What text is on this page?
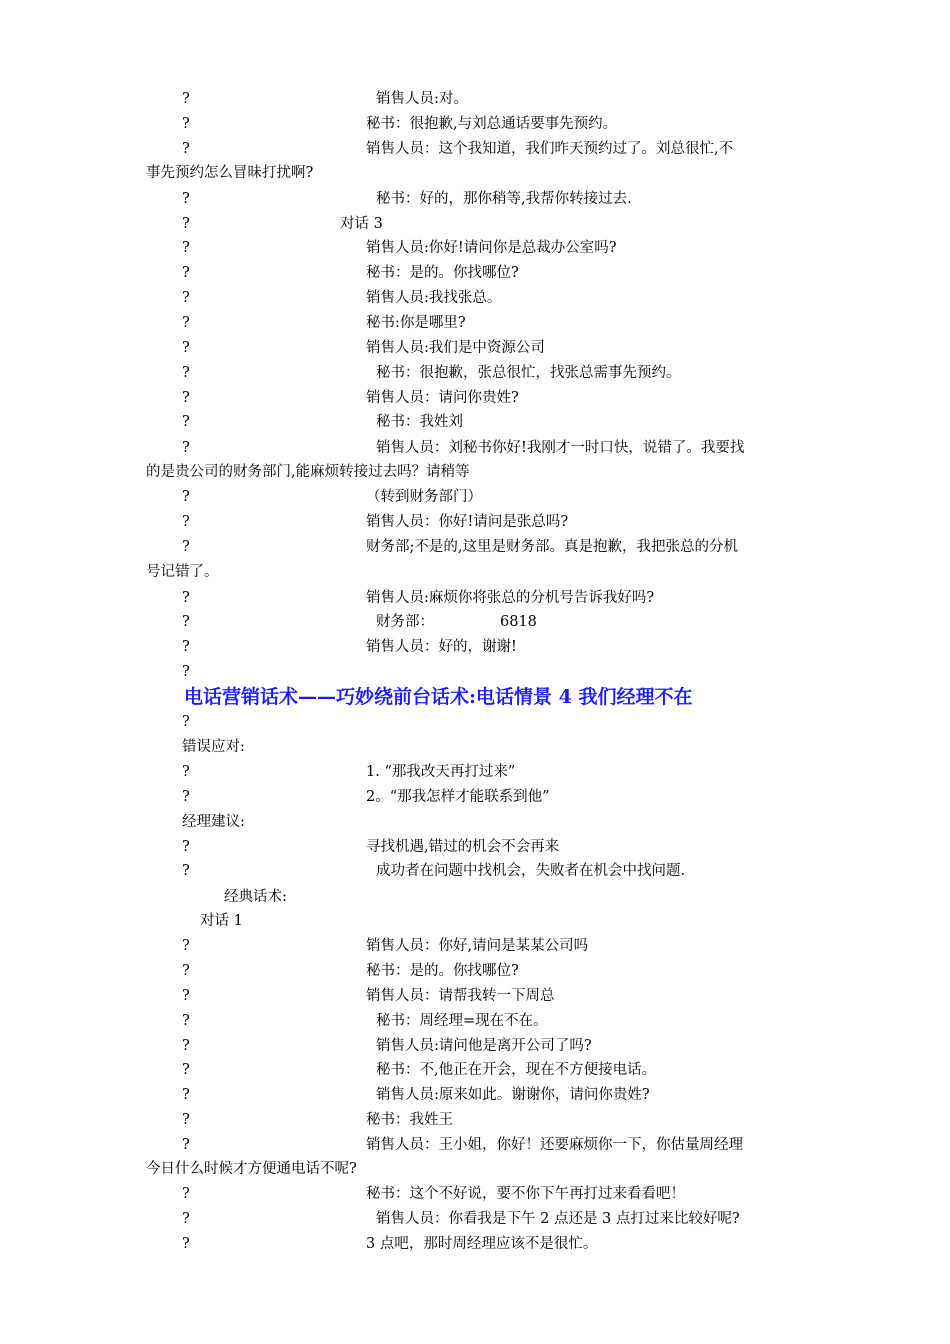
?	销售人员:对。
?	秘书：很抱歉,与刘总通话要事先预约。
?	销售人员：这个我知道，我们昨天预约过了。刘总很忙,不
事先预约怎么冒昧打扰啊?
?	秘书：好的，那你稍等,我帮你转接过去.
?	对话 3
?	销售人员:你好!请问你是总裁办公室吗?
?	秘书：是的。你找哪位?
?	销售人员:我找张总。
?	秘书:你是哪里?
?	销售人员:我们是中资源公司
?	秘书：很抱歉，张总很忙，找张总需事先预约。
?	销售人员：请问你贵姓?
?	秘书：我姓刘
?	销售人员：刘秘书你好!我刚才一时口快，说错了。我要找
的是贵公司的财务部门,能麻烦转接过去吗？请稍等
?	（转到财务部门）
?	销售人员：你好!请问是张总吗?
?	财务部;不是的,这里是财务部。真是抱歉，我把张总的分机
号记错了。
?	销售人员:麻烦你将张总的分机号告诉我好吗?
?	财务部：	6818
?	销售人员：好的，谢谢!
?
电话营销话术——巧妙绕前台话术:电话情景 4 我们经理不在
?
错误应对:
?	1. “那我改天再打过来”
?	2。“那我怎样才能联系到他”
经理建议:
?	寻找机遇,错过的机会不会再来
?	成功者在问题中找机会，失败者在机会中找问题.
经典话术:
对话 1
?	销售人员：你好,请问是某某公司吗
?	秘书：是的。你找哪位?
?	销售人员：请帮我转一下周总
?	秘书：周经理=现在不在。
?	销售人员:请问他是离开公司了吗?
?	秘书：不,他正在开会，现在不方便接电话。
?	销售人员:原来如此。谢谢你，请问你贵姓?
?	秘书：我姓王
?	销售人员：王小姐，你好！还要麻烦你一下，你估量周经理
今日什么时候才方便通电话不呢?
?	秘书：这个不好说，要不你下午再打过来看看吧！
?	销售人员：你看我是下午 2 点还是 3 点打过来比较好呢?
?	3 点吧，那时周经理应该不是很忙。
